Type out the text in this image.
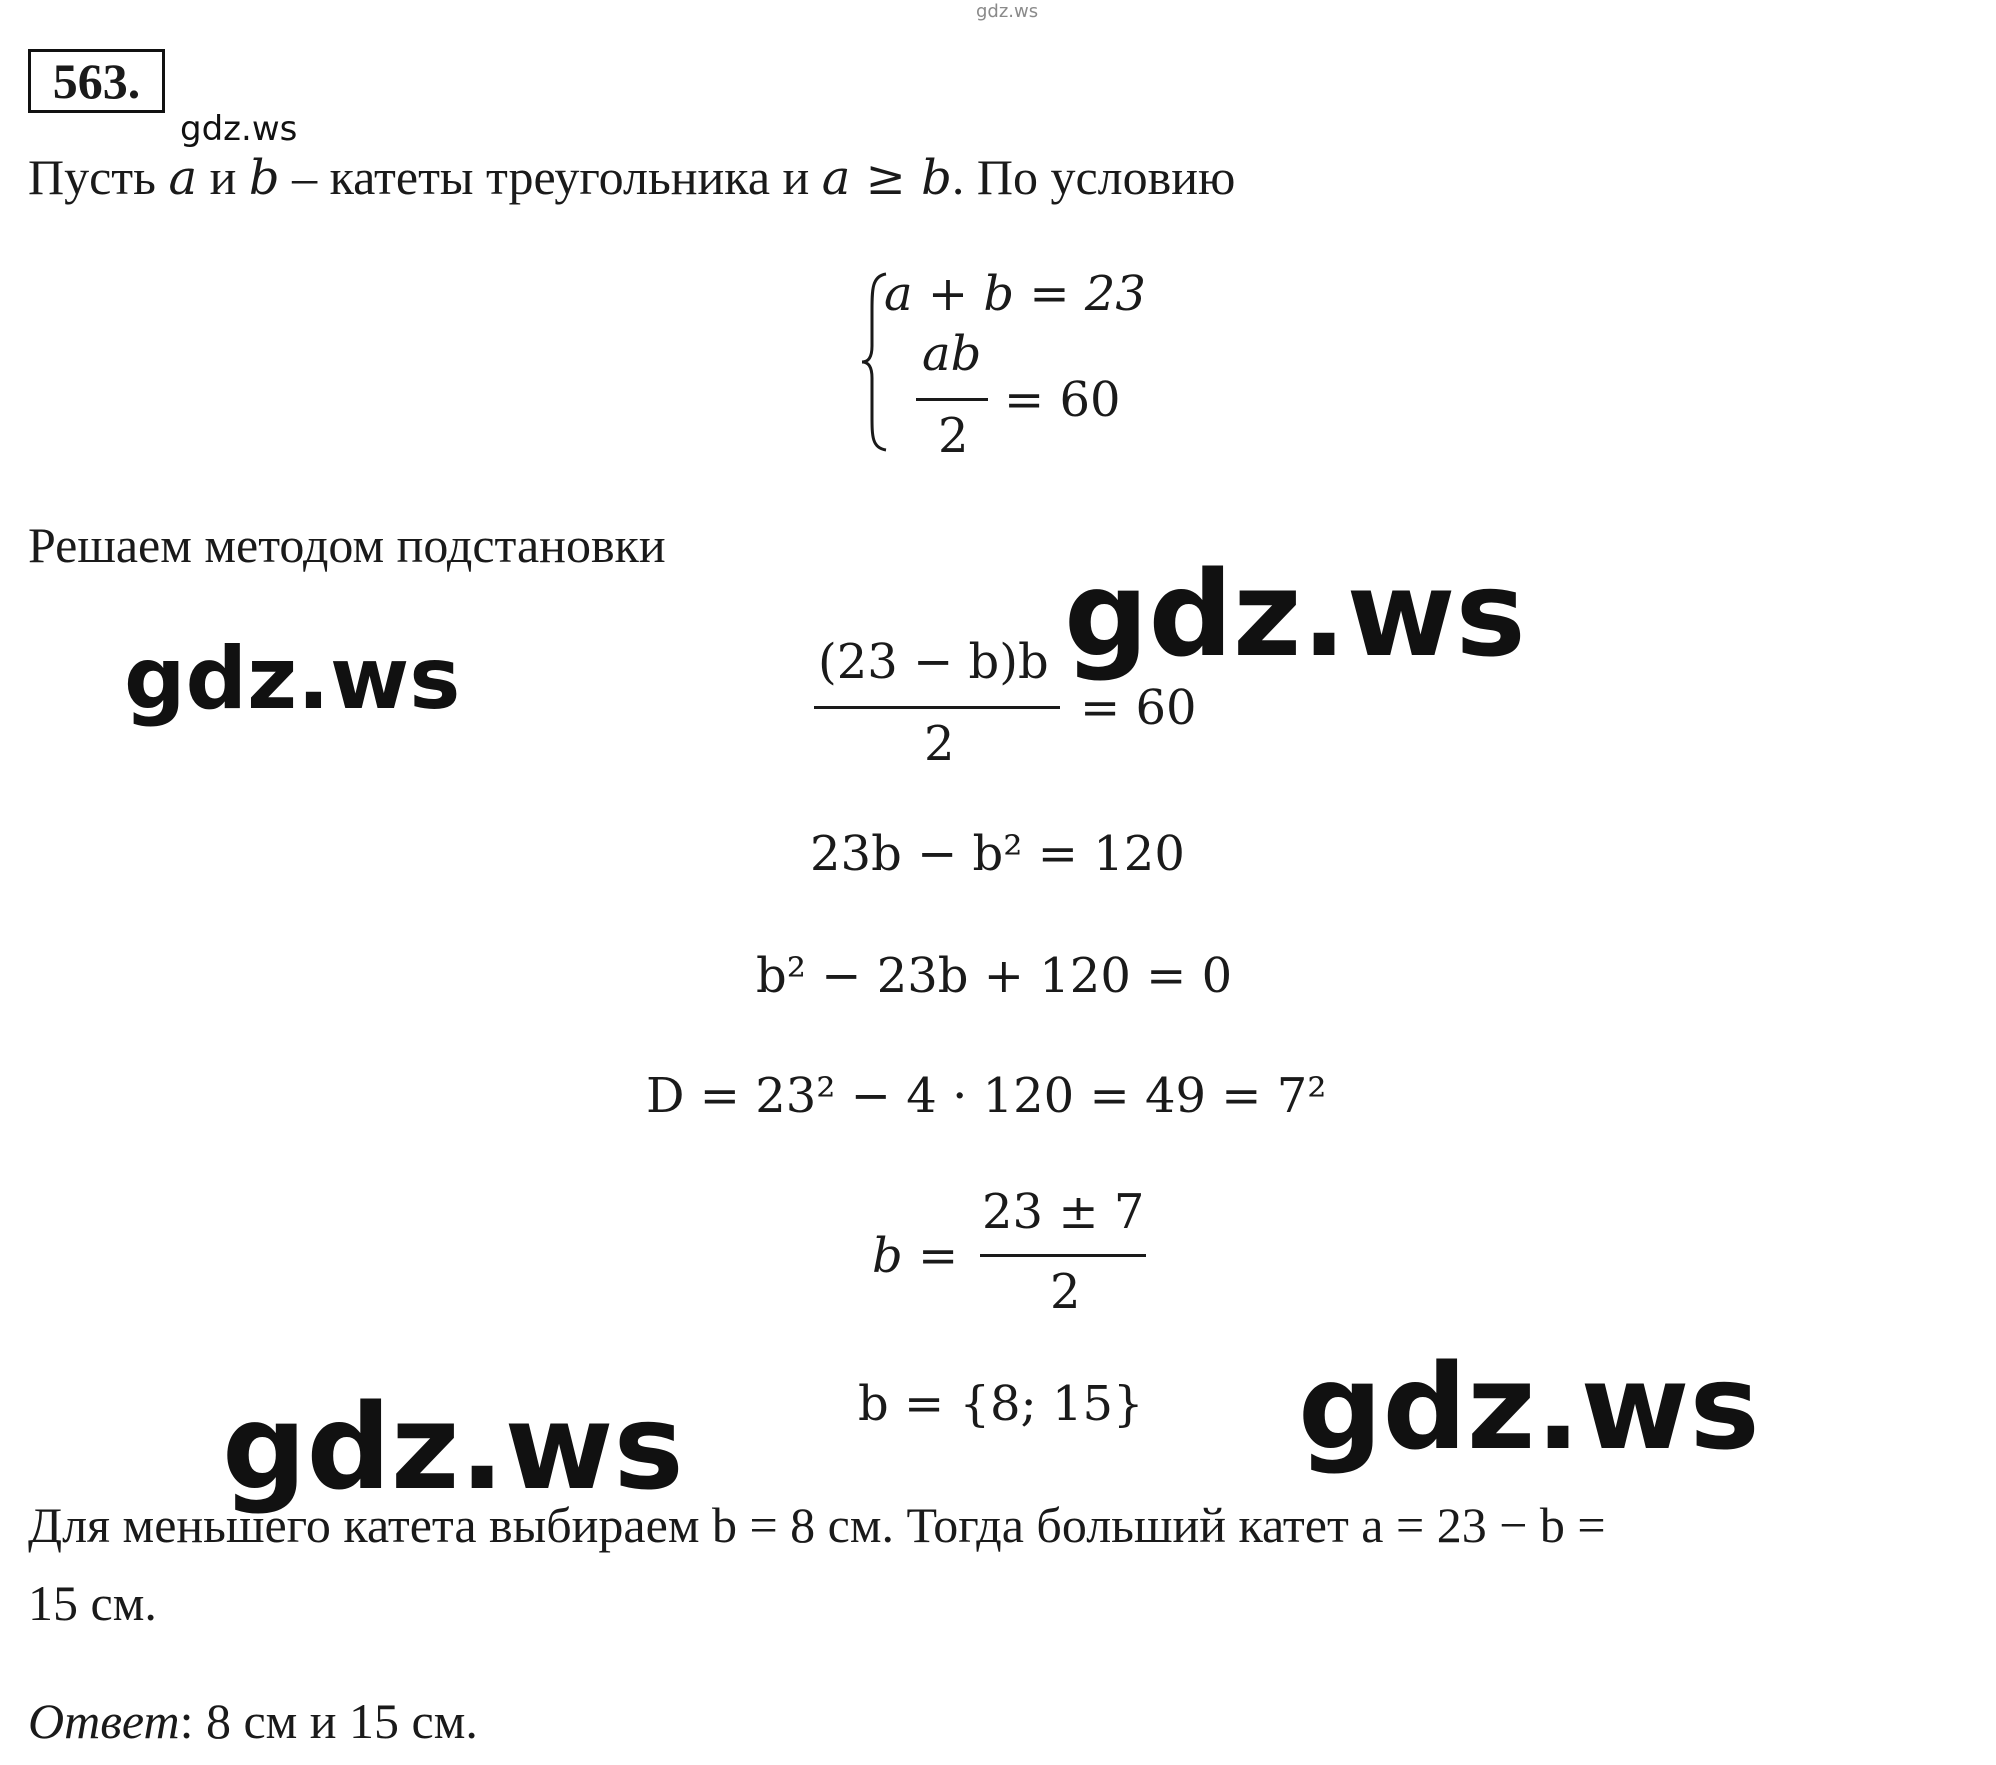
gdz.ws
563.
gdz.ws
Пусть a и b – катеты треугольника и a ≥ b. По условию
a + b = 23
ab
2
= 60
Решаем методом подстановки
(23 − b)b
2
= 60
23b − b² = 120
b² − 23b + 120 = 0
D = 23² − 4 · 120 = 49 = 7²
b =
23 ± 7
2
b = {8; 15}
Для меньшего катета выбираем b = 8 см. Тогда больший катет a = 23 − b =
15 см.
Ответ: 8 см и 15 см.
gdz.ws
gdz.ws
gdz.ws
gdz.ws
